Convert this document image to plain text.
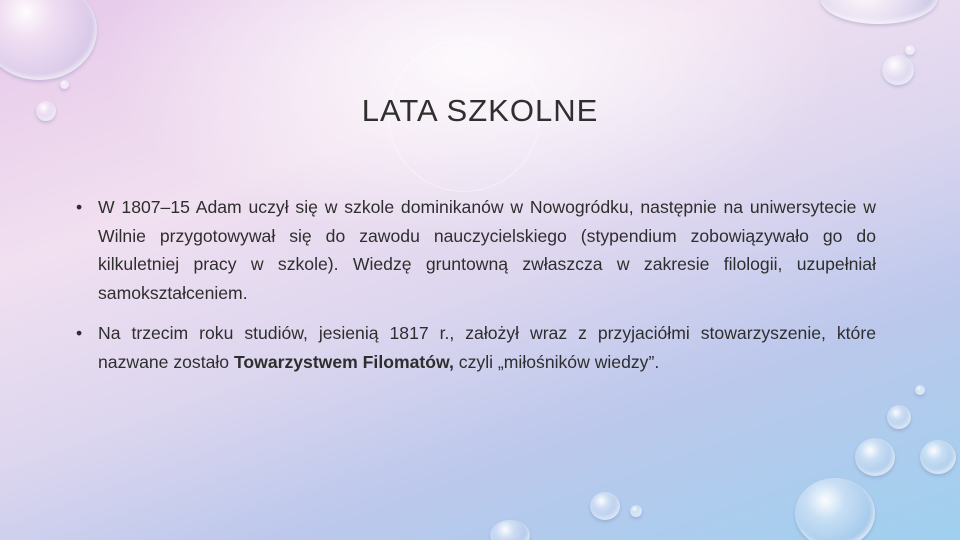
LATA SZKOLNE
• W 1807–15 Adam uczył się w szkole dominikanów w Nowogródku, następnie na uniwersytecie w Wilnie przygotowywał się do zawodu nauczycielskiego (stypendium zobowiązywało go do kilkuletniej pracy w szkole). Wiedzę gruntowną zwłaszcza w zakresie filologii, uzupełniał samokształceniem.
• Na trzecim roku studiów, jesienią 1817 r., założył wraz z przyjaciółmi stowarzyszenie, które nazwane zostało Towarzystwem Filomatów, czyli „miłośników wiedzy”.
